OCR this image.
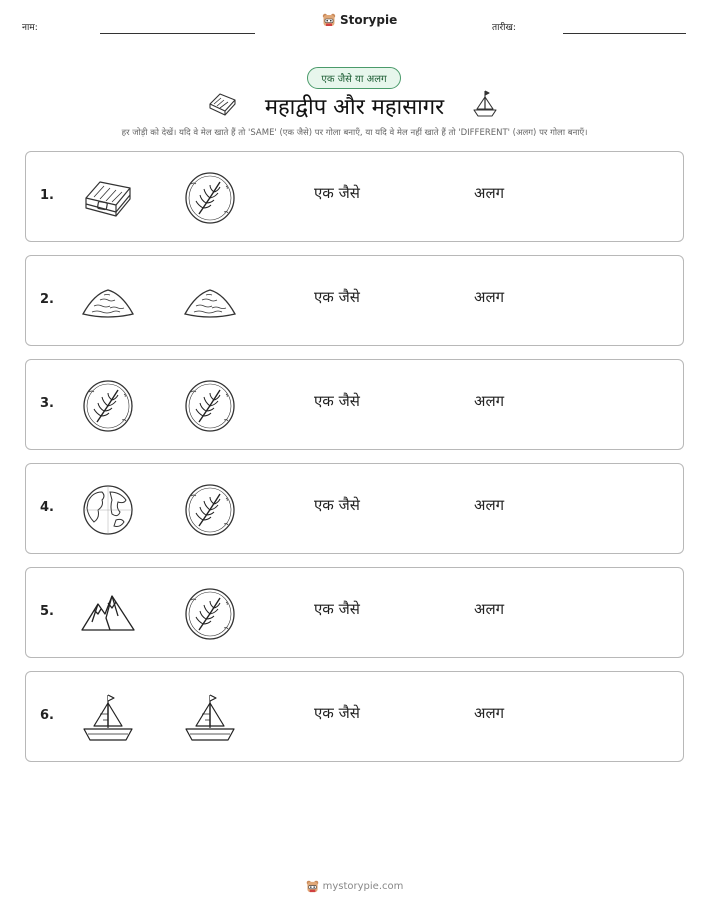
नाम:
Storypie
तारीख:
एक जैसे या अलग
महाद्वीप और महासागर
हर जोड़ी को देखें। यदि वे मेल खाते हैं तो 'SAME' (एक जैसे) पर गोला बनाएँ, या यदि वे मेल नहीं खाते हैं तो 'DIFFERENT' (अलग) पर गोला बनाएँ।
1.	एक जैसे	अलग
2.	एक जैसे	अलग
3.	एक जैसे	अलग
4.	एक जैसे	अलग
5.	एक जैसे	अलग
6.	एक जैसे	अलग
mystorypie.com
